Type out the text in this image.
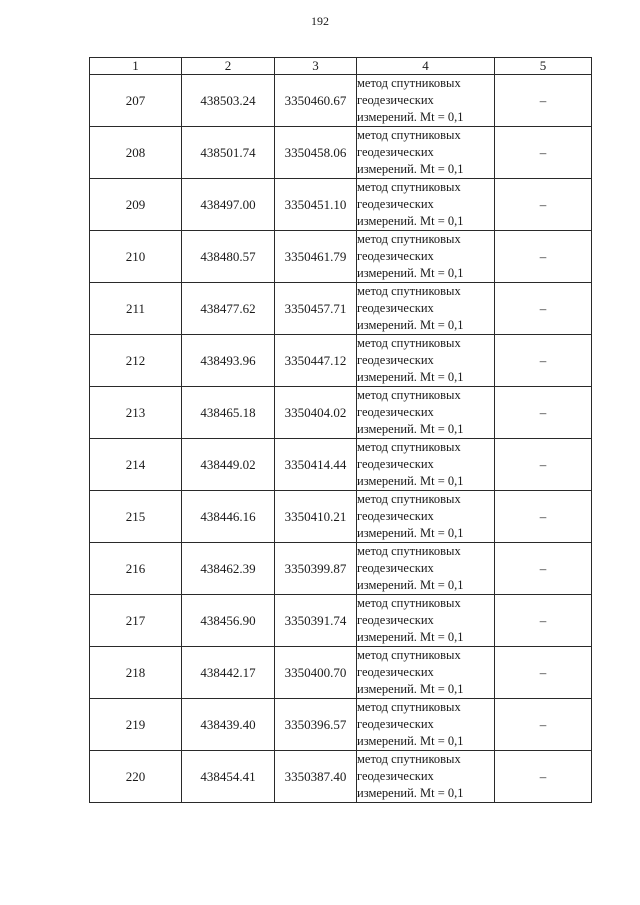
192
1	2	3	4	5
207	438503.24	3350460.67	метод спутниковых
геодезических
измерений. Mt = 0,1	–
208	438501.74	3350458.06	метод спутниковых
геодезических
измерений. Mt = 0,1	–
209	438497.00	3350451.10	метод спутниковых
геодезических
измерений. Mt = 0,1	–
210	438480.57	3350461.79	метод спутниковых
геодезических
измерений. Mt = 0,1	–
211	438477.62	3350457.71	метод спутниковых
геодезических
измерений. Mt = 0,1	–
212	438493.96	3350447.12	метод спутниковых
геодезических
измерений. Mt = 0,1	–
213	438465.18	3350404.02	метод спутниковых
геодезических
измерений. Mt = 0,1	–
214	438449.02	3350414.44	метод спутниковых
геодезических
измерений. Mt = 0,1	–
215	438446.16	3350410.21	метод спутниковых
геодезических
измерений. Mt = 0,1	–
216	438462.39	3350399.87	метод спутниковых
геодезических
измерений. Mt = 0,1	–
217	438456.90	3350391.74	метод спутниковых
геодезических
измерений. Mt = 0,1	–
218	438442.17	3350400.70	метод спутниковых
геодезических
измерений. Mt = 0,1	–
219	438439.40	3350396.57	метод спутниковых
геодезических
измерений. Mt = 0,1	–
220	438454.41	3350387.40	метод спутниковых
геодезических
измерений. Mt = 0,1	–
